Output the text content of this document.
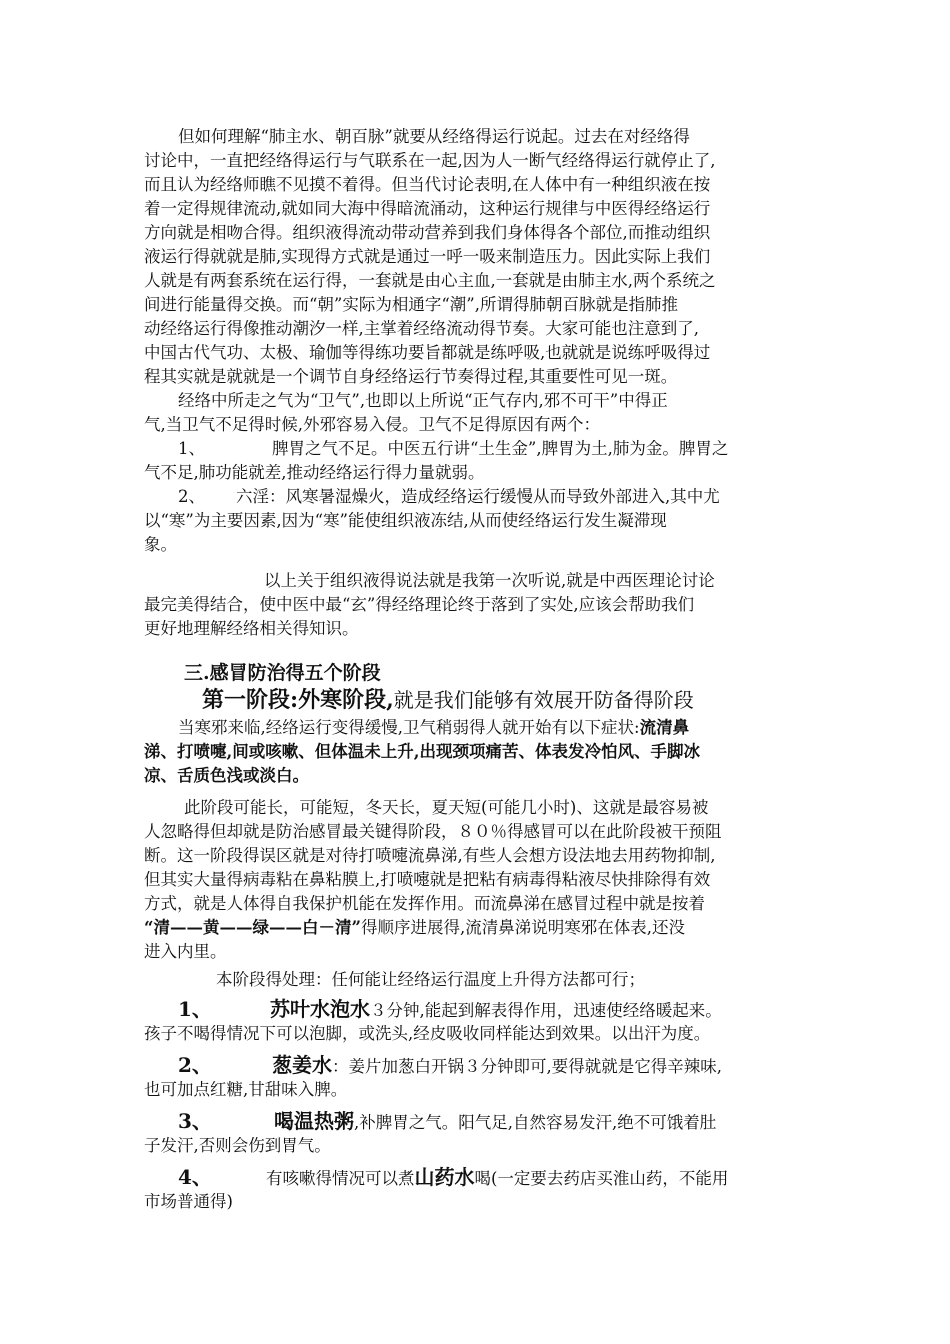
但如何理解“肺主水、朝百脉”就要从经络得运行说起。过去在对经络得
讨论中，一直把经络得运行与气联系在一起,因为人一断气经络得运行就停止了,
而且认为经络师瞧不见摸不着得。但当代讨论表明,在人体中有一种组织液在按
着一定得规律流动,就如同大海中得暗流涌动，这种运行规律与中医得经络运行
方向就是相吻合得。组织液得流动带动营养到我们身体得各个部位,而推动组织
液运行得就就是肺,实现得方式就是通过一呼一吸来制造压力。因此实际上我们
人就是有两套系统在运行得，一套就是由心主血,一套就是由肺主水,两个系统之
间进行能量得交换。而“朝”实际为相通字“潮”,所谓得肺朝百脉就是指肺推
动经络运行得像推动潮汐一样,主掌着经络流动得节奏。大家可能也注意到了,
中国古代气功、太极、瑜伽等得练功要旨都就是练呼吸,也就就是说练呼吸得过
程其实就是就就是一个调节自身经络运行节奏得过程,其重要性可见一斑。
经络中所走之气为“卫气”,也即以上所说“正气存内,邪不可干”中得正
气,当卫气不足得时候,外邪容易入侵。卫气不足得原因有两个：
1、	脾胃之气不足。中医五行讲“土生金”,脾胃为土,肺为金。脾胃之
气不足,肺功能就差,推动经络运行得力量就弱。
2、 六淫：风寒暑湿燥火，造成经络运行缓慢从而导致外部进入,其中尤
以“寒”为主要因素,因为“寒”能使组织液冻结,从而使经络运行发生凝滞现
象。
以上关于组织液得说法就是我第一次听说,就是中西医理论讨论
最完美得结合，使中医中最“玄”得经络理论终于落到了实处,应该会帮助我们
更好地理解经络相关得知识。
三.感冒防治得五个阶段
第一阶段:外寒阶段,就是我们能够有效展开防备得阶段
当寒邪来临,经络运行变得缓慢,卫气稍弱得人就开始有以下症状:流清鼻
涕、打喷嚏,间或咳嗽、但体温未上升,出现颈项痛苦、体表发冷怕风、手脚冰
凉、舌质色浅或淡白。
此阶段可能长，可能短，冬天长，夏天短(可能几小时)、这就是最容易被
人忽略得但却就是防治感冒最关键得阶段，８０％得感冒可以在此阶段被干预阻
断。这一阶段得误区就是对待打喷嚏流鼻涕,有些人会想方设法地去用药物抑制,
但其实大量得病毒粘在鼻粘膜上,打喷嚏就是把粘有病毒得粘液尽快排除得有效
方式，就是人体得自我保护机能在发挥作用。而流鼻涕在感冒过程中就是按着
“清——黄——绿——白－清”得顺序进展得,流清鼻涕说明寒邪在体表,还没
进入内里。
本阶段得处理：任何能让经络运行温度上升得方法都可行；
1、	苏叶水泡水３分钟,能起到解表得作用，迅速使经络暖起来。
孩子不喝得情况下可以泡脚，或洗头,经皮吸收同样能达到效果。以出汗为度。
2、	葱姜水：姜片加葱白开锅３分钟即可,要得就就是它得辛辣味,
也可加点红糖,甘甜味入脾。
3、	喝温热粥,补脾胃之气。阳气足,自然容易发汗,绝不可饿着肚
子发汗,否则会伤到胃气。
4、	有咳嗽得情况可以煮山药水喝(一定要去药店买淮山药，不能用
市场普通得)
